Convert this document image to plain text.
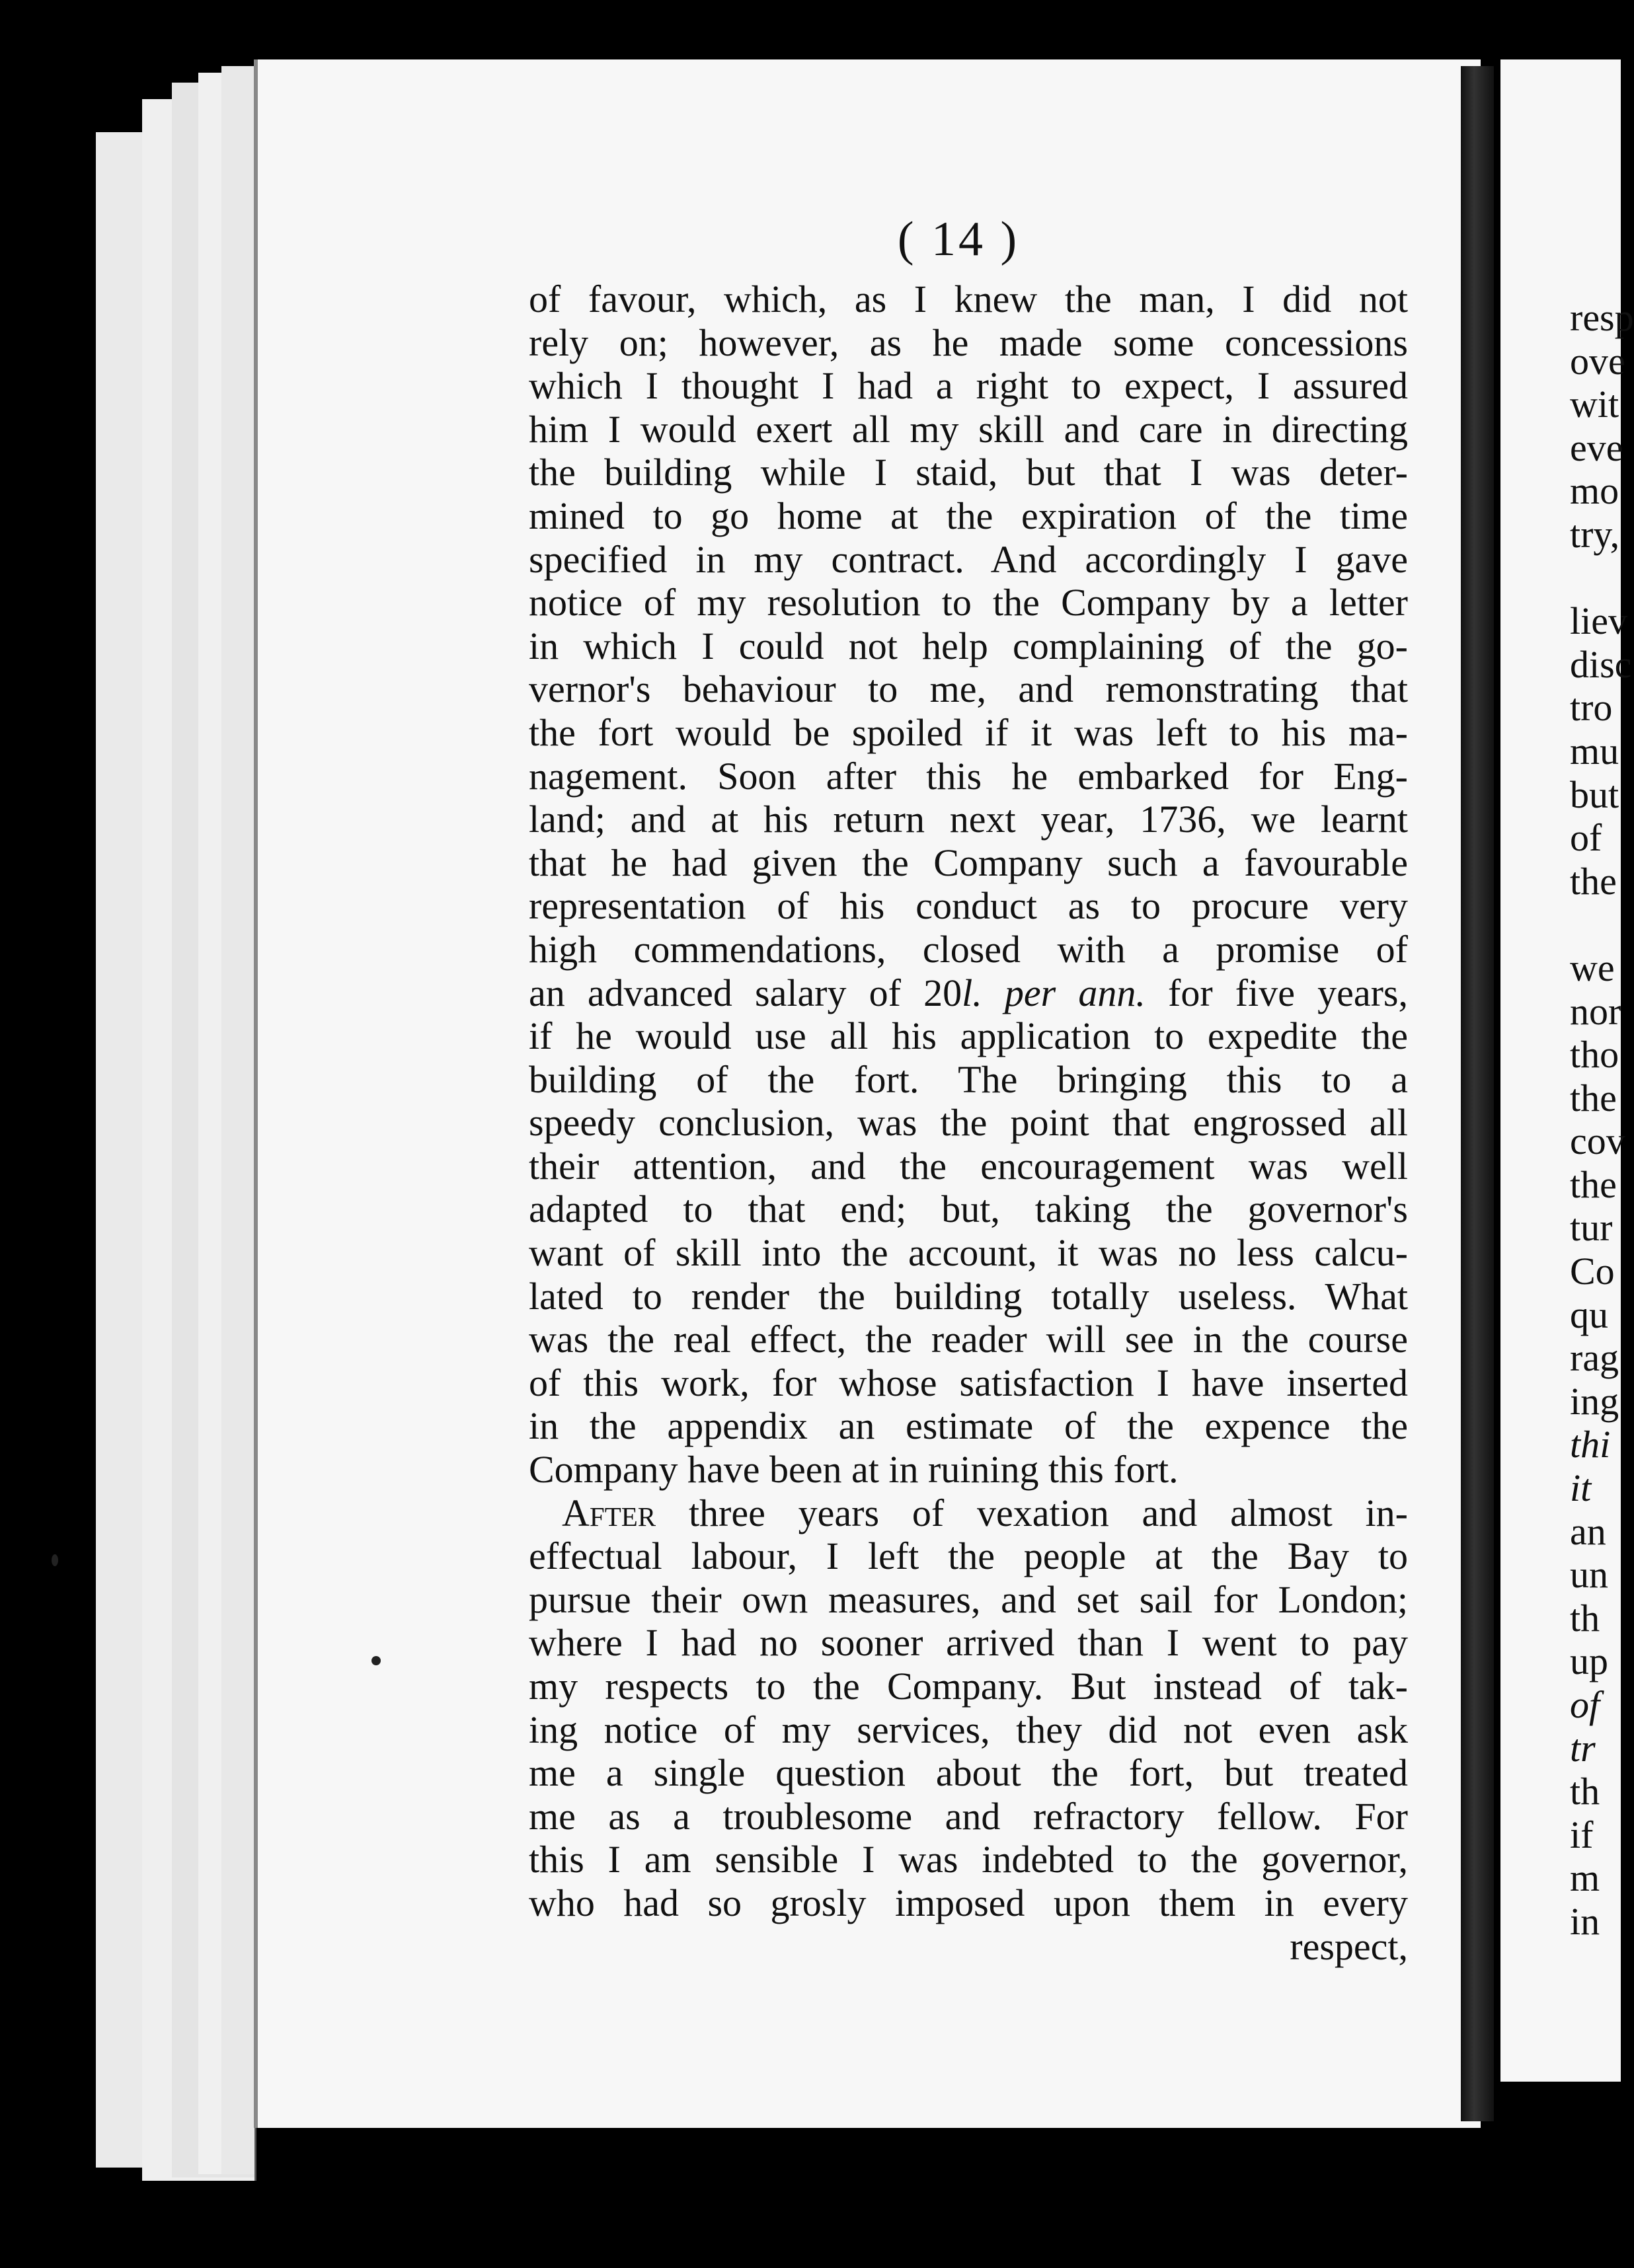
( 14 )
of favour, which, as I knew the man, I did not
rely on; however, as he made some concessions
which I thought I had a right to expect, I assured
him I would exert all my skill and care in directing
the building while I staid, but that I was deter-
mined to go home at the expiration of the time
specified in my contract. And accordingly I gave
notice of my resolution to the Company by a letter
in which I could not help complaining of the go-
vernor's behaviour to me, and remonstrating that
the fort would be spoiled if it was left to his ma-
nagement. Soon after this he embarked for Eng-
land; and at his return next year, 1736, we learnt
that he had given the Company such a favourable
representation of his conduct as to procure very
high commendations, closed with a promise of
an advanced salary of 20l. per ann. for five years,
if he would use all his application to expedite the
building of the fort. The bringing this to a
speedy conclusion, was the point that engrossed all
their attention, and the encouragement was well
adapted to that end; but, taking the governor's
want of skill into the account, it was no less calcu-
lated to render the building totally useless. What
was the real effect, the reader will see in the course
of this work, for whose satisfaction I have inserted
in the appendix an estimate of the expence the
Company have been at in ruining this fort.
After three years of vexation and almost in-
effectual labour, I left the people at the Bay to
pursue their own measures, and set sail for London;
where I had no sooner arrived than I went to pay
my respects to the Company. But instead of tak-
ing notice of my services, they did not even ask
me a single question about the fort, but treated
me as a troublesome and refractory fellow. For
this I am sensible I was indebted to the governor,
who had so grosly imposed upon them in every
respect,
resp
ove
wit
eve
mo
try,
liev
disc
tro
mu
but
of
the
we
nor
tho
the
cov
the
tur
Co
qu
rag
ing
thi
it
an
un
th
up
of
tr
th
if
m
in
